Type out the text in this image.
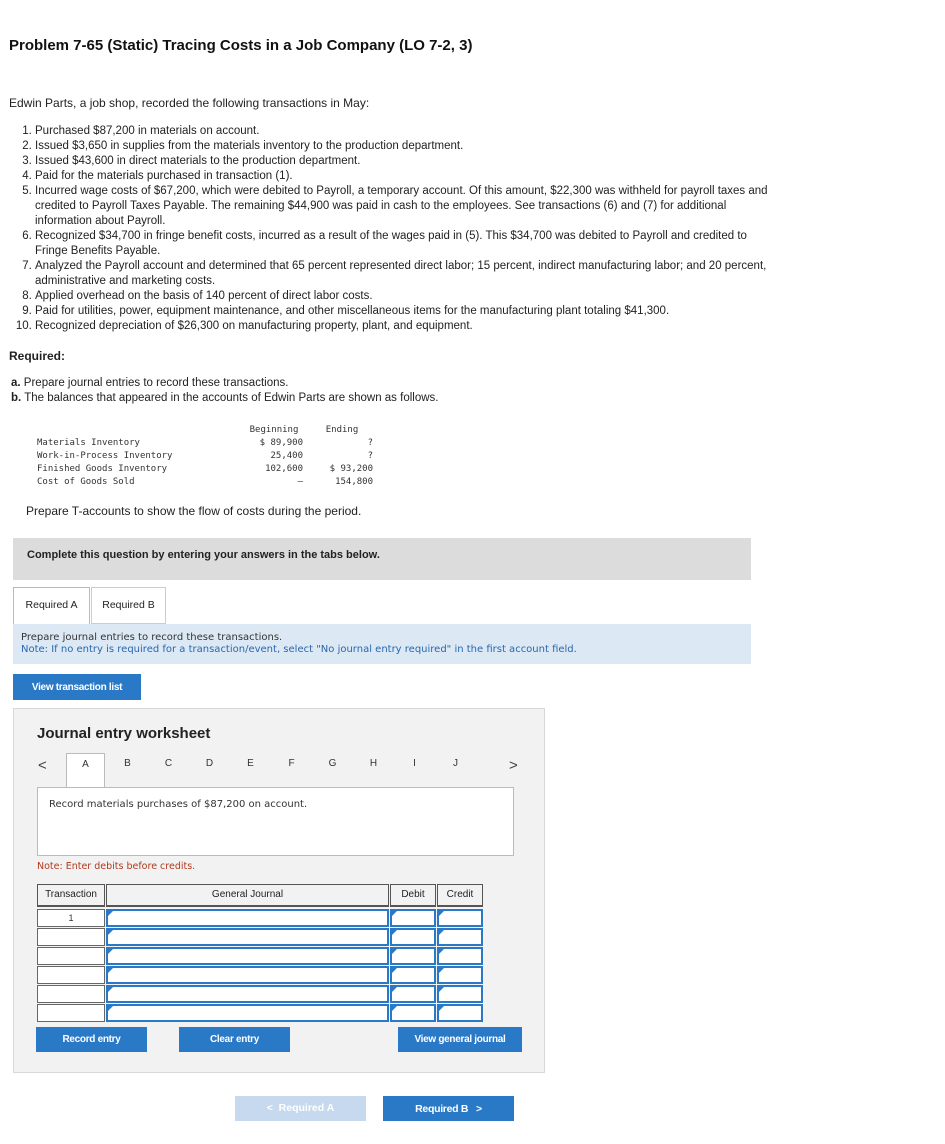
Problem 7-65 (Static) Tracing Costs in a Job Company (LO 7-2, 3)
Edwin Parts, a job shop, recorded the following transactions in May:
1. Purchased $87,200 in materials on account.
2. Issued $3,650 in supplies from the materials inventory to the production department.
3. Issued $43,600 in direct materials to the production department.
4. Paid for the materials purchased in transaction (1).
5. Incurred wage costs of $67,200, which were debited to Payroll, a temporary account. Of this amount, $22,300 was withheld for payroll taxes and credited to Payroll Taxes Payable. The remaining $44,900 was paid in cash to the employees. See transactions (6) and (7) for additional information about Payroll.
6. Recognized $34,700 in fringe benefit costs, incurred as a result of the wages paid in (5). This $34,700 was debited to Payroll and credited to Fringe Benefits Payable.
7. Analyzed the Payroll account and determined that 65 percent represented direct labor; 15 percent, indirect manufacturing labor; and 20 percent, administrative and marketing costs.
8. Applied overhead on the basis of 140 percent of direct labor costs.
9. Paid for utilities, power, equipment maintenance, and other miscellaneous items for the manufacturing plant totaling $41,300.
10. Recognized depreciation of $26,300 on manufacturing property, plant, and equipment.
Required:
a. Prepare journal entries to record these transactions.
b. The balances that appeared in the accounts of Edwin Parts are shown as follows.
	Beginning	Ending
Materials Inventory	$ 89,900	?
Work-in-Process Inventory	25,400	?
Finished Goods Inventory	102,600	$ 93,200
Cost of Goods Sold	–	154,800
Prepare T-accounts to show the flow of costs during the period.
Complete this question by entering your answers in the tabs below.
Required A	Required B
Prepare journal entries to record these transactions.
Note: If no entry is required for a transaction/event, select "No journal entry required" in the first account field.
View transaction list
Journal entry worksheet
<	>
A	B	C	D	E	F	G	H	I	J
Record materials purchases of $87,200 on account.
Note: Enter debits before credits.
Transaction	General Journal	Debit	Credit
1
Record entry	Clear entry	View general journal
< Required A	Required B >
